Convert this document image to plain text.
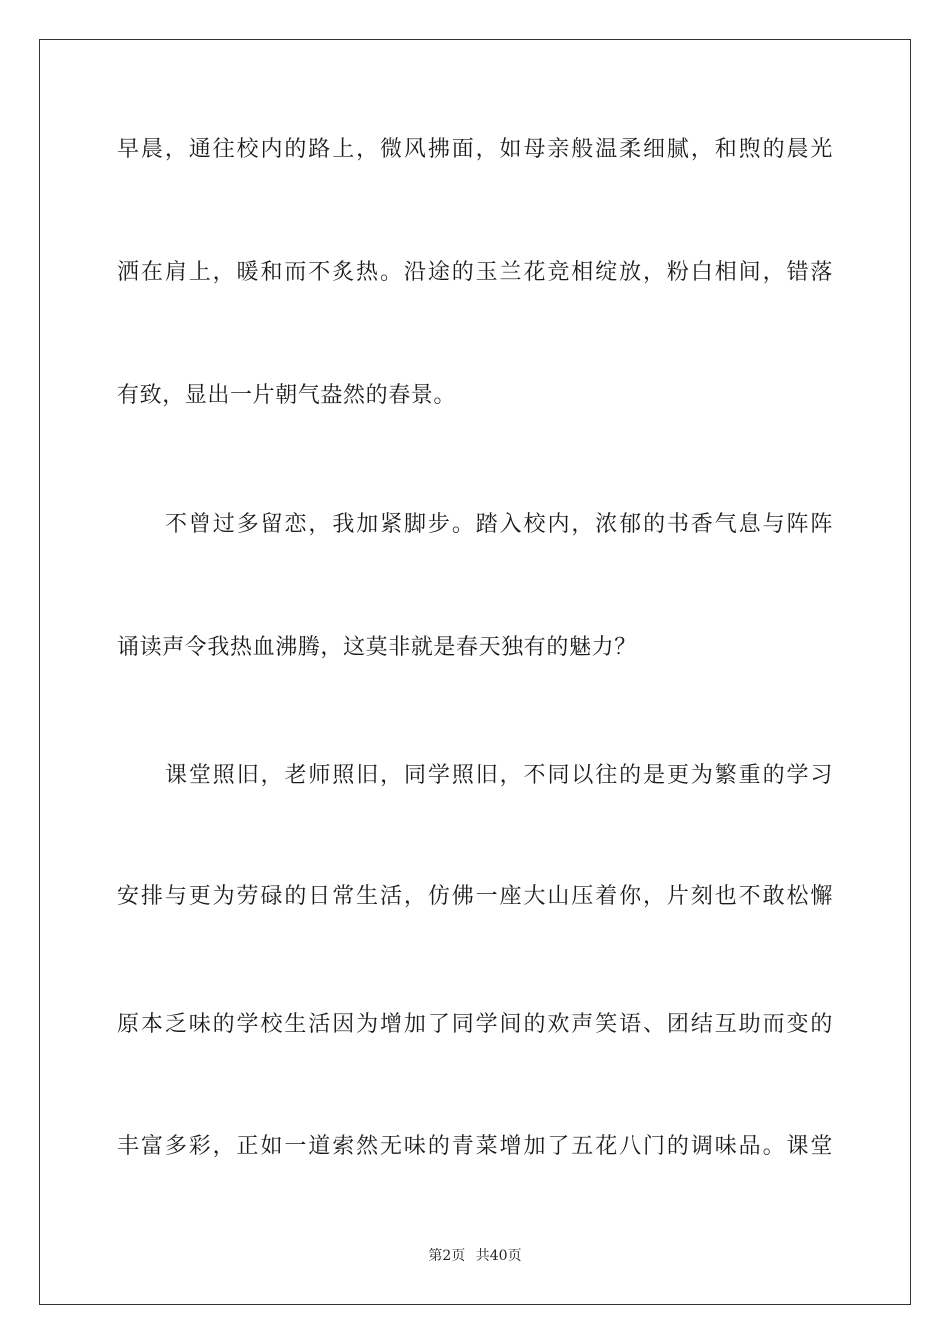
早晨，通往校内的路上，微风拂面，如母亲般温柔细腻，和煦的晨光
洒在肩上，暖和而不炙热。沿途的玉兰花竞相绽放，粉白相间，错落
有致，显出一片朝气盎然的春景。
不曾过多留恋，我加紧脚步。踏入校内，浓郁的书香气息与阵阵
诵读声令我热血沸腾，这莫非就是春天独有的魅力？
课堂照旧，老师照旧，同学照旧，不同以往的是更为繁重的学习
安排与更为劳碌的日常生活，仿佛一座大山压着你，片刻也不敢松懈
原本乏味的学校生活因为增加了同学间的欢声笑语、团结互助而变的
丰富多彩，正如一道索然无味的青菜增加了五花八门的调味品。课堂
第2页 共40页
